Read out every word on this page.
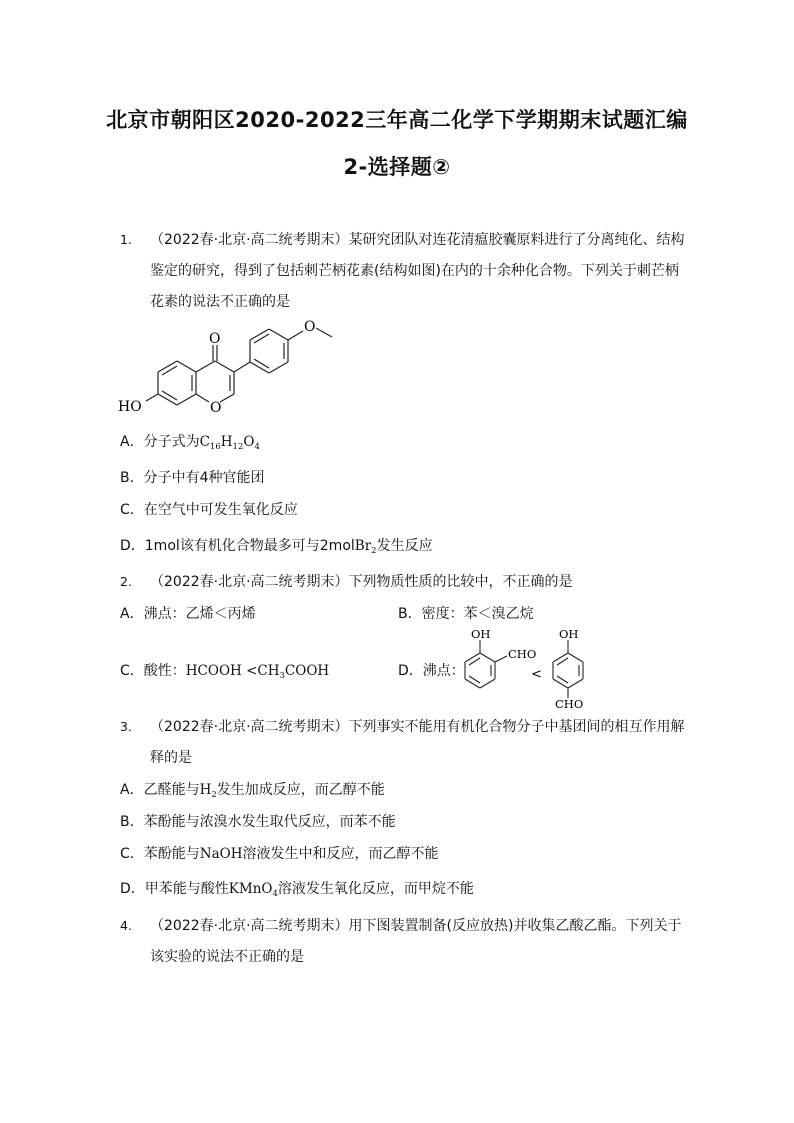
北京市朝阳区2020-2022三年高二化学下学期期末试题汇编
2-选择题②
1. （2022春·北京·高二统考期末）某研究团队对连花清瘟胶囊原料进行了分离纯化、结构
鉴定的研究，得到了包括刺芒柄花素(结构如图)在内的十余种化合物。下列关于刺芒柄
花素的说法不正确的是
O
O
HO
O
A．分子式为$C_{16}H_{12}O_4$
B．分子中有4种官能团
C．在空气中可发生氧化反应
D．1mol该有机化合物最多可与2molBr$_2$发生反应
2. （2022春·北京·高二统考期末）下列物质性质的比较中，不正确的是
A．沸点：乙烯＜丙烯	B．密度：苯＜溴乙烷
C．酸性：HCOOH $<CH_3COOH$	D．沸点：
OH
CHO
<
OH
CHO
3. （2022春·北京·高二统考期末）下列事实不能用有机化合物分子中基团间的相互作用解
释的是
A．乙醛能与$H_2$发生加成反应，而乙醇不能
B．苯酚能与浓溴水发生取代反应，而苯不能
C．苯酚能与NaOH溶液发生中和反应，而乙醇不能
D．甲苯能与酸性KMnO$_4$溶液发生氧化反应，而甲烷不能
4. （2022春·北京·高二统考期末）用下图装置制备(反应放热)并收集乙酸乙酯。下列关于
该实验的说法不正确的是
